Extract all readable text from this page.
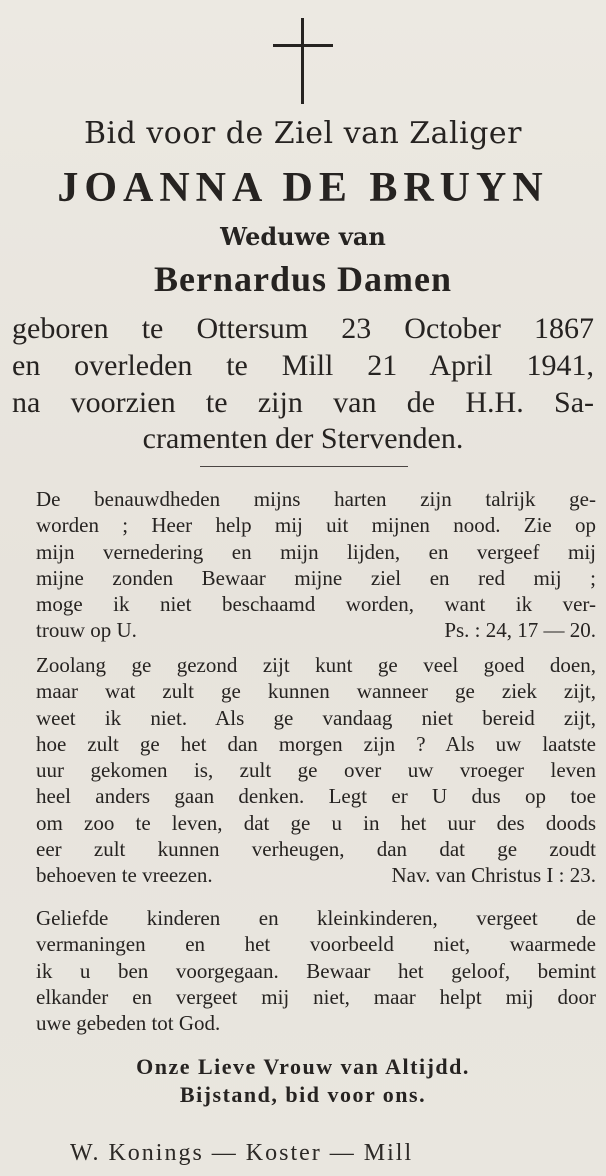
Bid voor de Ziel van Zaliger
JOANNA DE BRUYN
Weduwe van
Bernardus Damen
geboren te Ottersum 23 October 1867
en overleden te Mill 21 April 1941,
na voorzien te zijn van de H.H. Sa-
cramenten der Stervenden.
De benauwdheden mijns harten zijn talrijk ge-
worden ; Heer help mij uit mijnen nood. Zie op
mijn vernedering en mijn lijden, en vergeef mij
mijne zonden Bewaar mijne ziel en red mij ;
moge ik niet beschaamd worden, want ik ver-
trouw op U.	Ps. : 24, 17 — 20.
Zoolang ge gezond zijt kunt ge veel goed doen,
maar wat zult ge kunnen wanneer ge ziek zijt,
weet ik niet. Als ge vandaag niet bereid zijt,
hoe zult ge het dan morgen zijn ? Als uw laatste
uur gekomen is, zult ge over uw vroeger leven
heel anders gaan denken. Legt er U dus op toe
om zoo te leven, dat ge u in het uur des doods
eer zult kunnen verheugen, dan dat ge zoudt
behoeven te vreezen.	Nav. van Christus I : 23.
Geliefde kinderen en kleinkinderen, vergeet de
vermaningen en het voorbeeld niet, waarmede
ik u ben voorgegaan. Bewaar het geloof, bemint
elkander en vergeet mij niet, maar helpt mij door
uwe gebeden tot God.
Onze Lieve Vrouw van Altijdd.
Bijstand, bid voor ons.
W. Konings — Koster — Mill
